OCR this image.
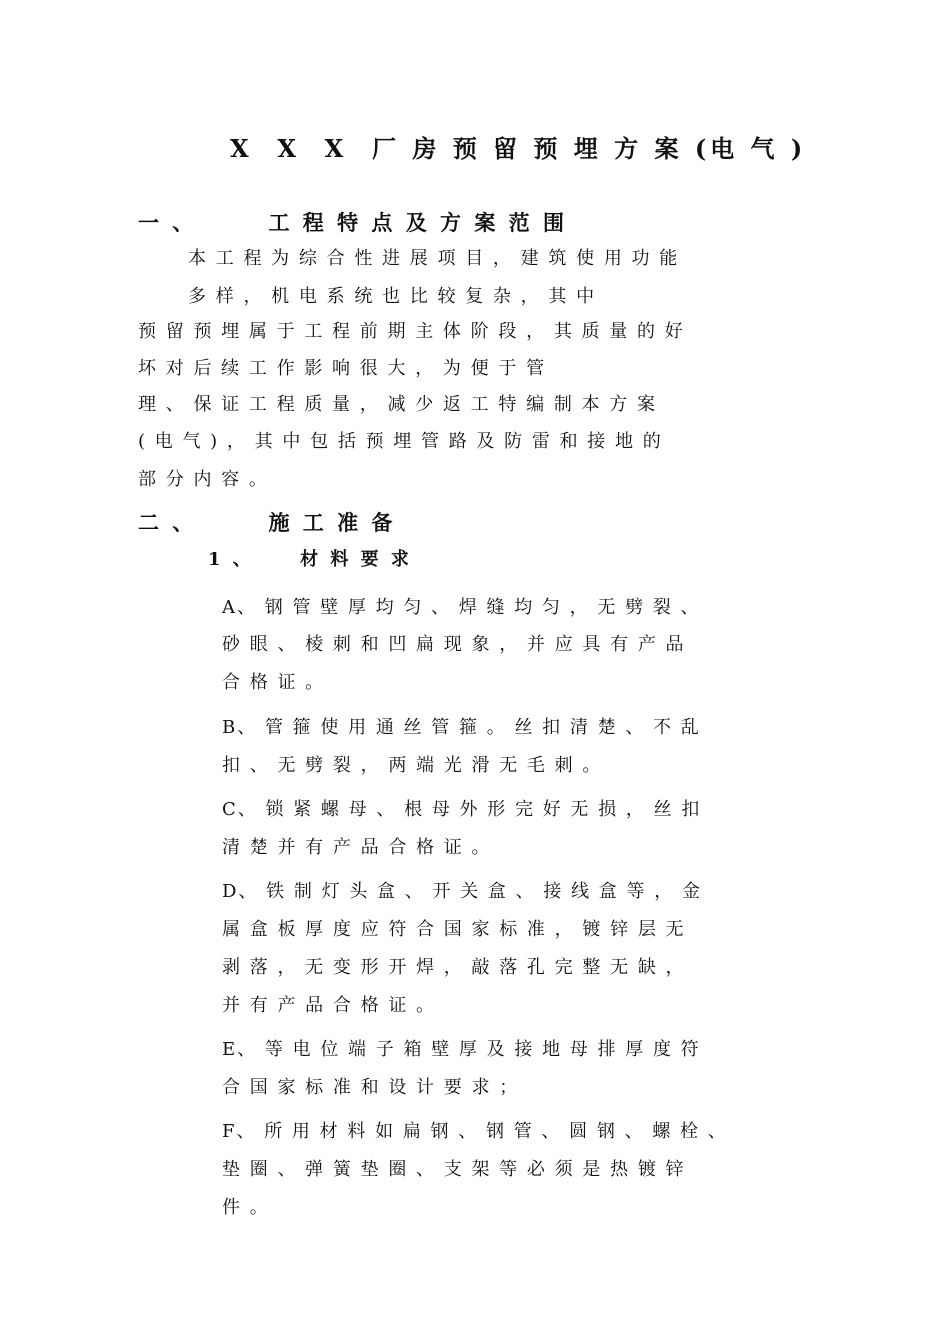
X  X  X  厂 房 预 留 预 埋 方 案 (电 气 )
一 、       工 程 特 点 及 方 案 范 围
本 工 程 为 综 合 性 进 展 项 目 ， 建 筑 使 用 功 能
多 样 ， 机 电 系 统 也 比 较 复 杂 ， 其 中
预 留 预 埋 属 于 工 程 前 期 主 体 阶 段 ， 其 质 量 的 好
坏 对 后 续 工 作 影 响 很 大 ， 为 便 于 管
理 、 保 证 工 程 质 量 ， 减 少 返 工 特 编 制 本 方 案
( 电 气 ) ， 其 中 包 括 预 埋 管 路 及 防 雷 和 接 地 的
部 分 内 容 。
二 、       施 工 准 备
1 、     材 料 要 求
A、 钢 管 壁 厚 均 匀 、 焊 缝 均 匀 ， 无 劈 裂 、
砂 眼 、 棱 刺 和 凹 扁 现 象 ， 并 应 具 有 产 品
合 格 证 。
B、 管 箍 使 用 通 丝 管 箍 。 丝 扣 清 楚 、 不 乱
扣 、 无 劈 裂 ， 两 端 光 滑 无 毛 刺 。
C、 锁 紧 螺 母 、 根 母 外 形 完 好 无 损 ， 丝 扣
清 楚 并 有 产 品 合 格 证 。
D、 铁 制 灯 头 盒 、 开 关 盒 、 接 线 盒 等 ， 金
属 盒 板 厚 度 应 符 合 国 家 标 准 ， 镀 锌 层 无
剥 落 ， 无 变 形 开 焊 ， 敲 落 孔 完 整 无 缺 ，
并 有 产 品 合 格 证 。
E、 等 电 位 端 子 箱 壁 厚 及 接 地 母 排 厚 度 符
合 国 家 标 准 和 设 计 要 求 ；
F、 所 用 材 料 如 扁 钢 、 钢 管 、 圆 钢 、 螺 栓 、
垫 圈 、 弹 簧 垫 圈 、 支 架 等 必 须 是 热 镀 锌
件 。
